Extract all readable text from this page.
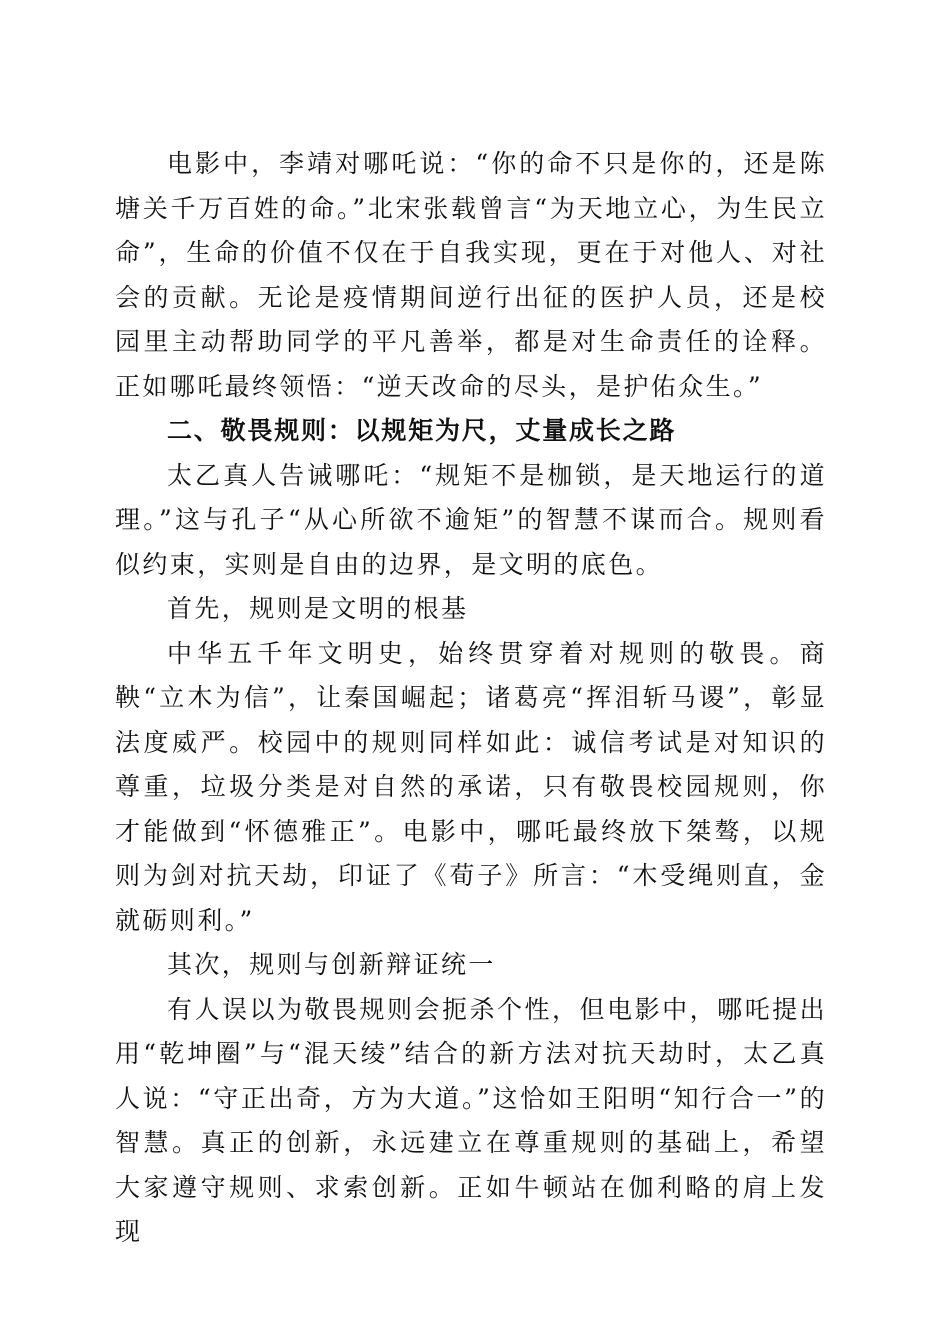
电影中，李靖对哪吒说：“你的命不只是你的，还是陈塘关千万百姓的命。”北宋张载曾言“为天地立心，为生民立命”，生命的价值不仅在于自我实现，更在于对他人、对社会的贡献。无论是疫情期间逆行出征的医护人员，还是校园里主动帮助同学的平凡善举，都是对生命责任的诠释。正如哪吒最终领悟：“逆天改命的尽头，是护佑众生。”

二、敬畏规则：以规矩为尺，丈量成长之路

太乙真人告诫哪吒：“规矩不是枷锁，是天地运行的道理。”这与孔子“从心所欲不逾矩”的智慧不谋而合。规则看似约束，实则是自由的边界，是文明的底色。

首先，规则是文明的根基

中华五千年文明史，始终贯穿着对规则的敬畏。商鞅“立木为信”，让秦国崛起；诸葛亮“挥泪斩马谡”，彰显法度威严。校园中的规则同样如此：诚信考试是对知识的尊重，垃圾分类是对自然的承诺，只有敬畏校园规则，你才能做到“怀德雅正”。电影中，哪吒最终放下桀骜，以规则为剑对抗天劫，印证了《荀子》所言：“木受绳则直，金就砺则利。”

其次，规则与创新辩证统一

有人误以为敬畏规则会扼杀个性，但电影中，哪吒提出用“乾坤圈”与“混天绫”结合的新方法对抗天劫时，太乙真人说：“守正出奇，方为大道。”这恰如王阳明“知行合一”的智慧。真正的创新，永远建立在尊重规则的基础上，希望大家遵守规则、求索创新。正如牛顿站在伽利略的肩上发现
